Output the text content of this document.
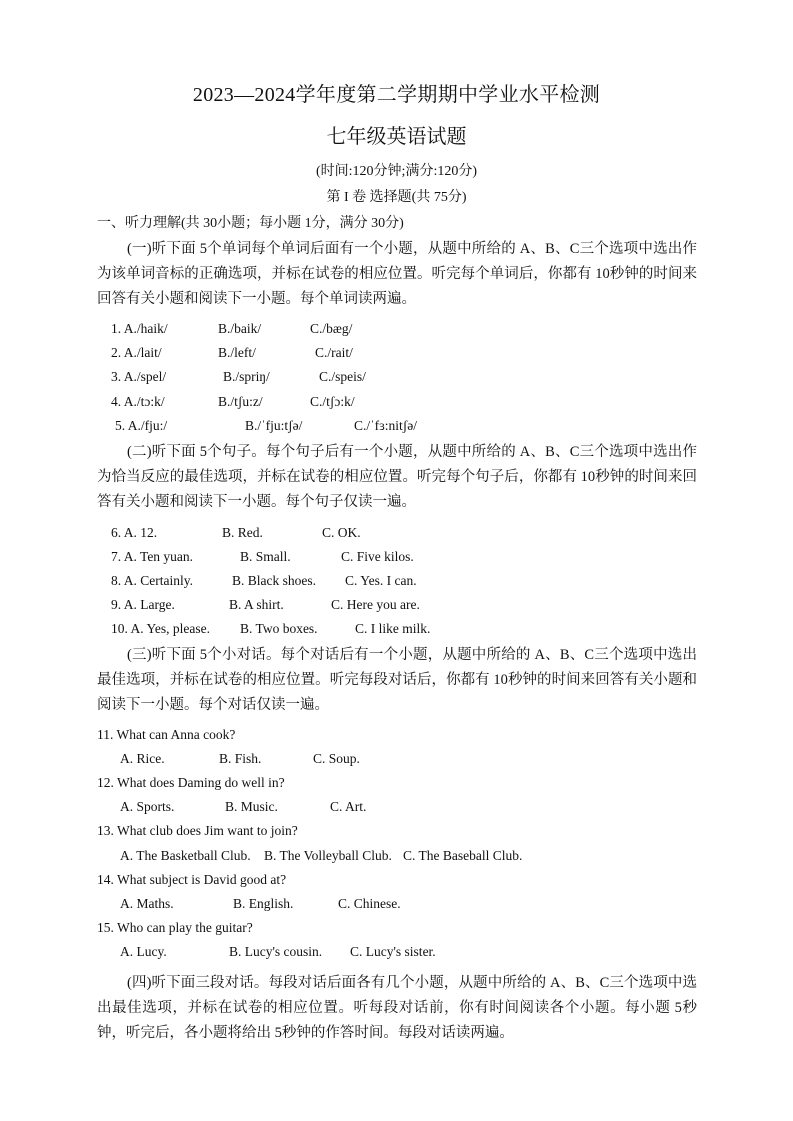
2023—2024学年度第二学期期中学业水平检测
七年级英语试题
(时间:120分钟;满分:120分)
第 I 卷 选择题(共 75分)
一、听力理解(共 30小题；每小题 1分，满分 30分)

(一)听下面 5个单词每个单词后面有一个小题，从题中所给的 A、B、C三个选项中选出作为该单词音标的正确选项，并标在试卷的相应位置。听完每个单词后，你都有 10秒钟的时间来回答有关小题和阅读下一小题。每个单词读两遍。

1. A./haik/	B./baik/	C./bæg/
2. A./lait/	B./left/	C./rait/
3. A./spel/	B./spriŋ/	C./speis/
4. A./tɔ:k/	B./tʃu:z/	C./tʃɔ:k/
5. A./fju:/	B./ˈfju:tʃə/	C./ˈfɜ:nitʃə/

(二)听下面 5个句子。每个句子后有一个小题，从题中所给的 A、B、C三个选项中选出作为恰当反应的最佳选项，并标在试卷的相应位置。听完每个句子后，你都有 10秒钟的时间来回答有关小题和阅读下一小题。每个句子仅读一遍。

6. A. 12.	B. Red.	C. OK.
7. A. Ten yuan.	B. Small.	C. Five kilos.
8. A. Certainly.	B. Black shoes. C. Yes. I can.
9. A. Large.	B. A shirt.	C. Here you are.
10. A. Yes, please. B. Two boxes.	C. I like milk.

(三)听下面 5个小对话。每个对话后有一个小题，从题中所给的 A、B、C三个选项中选出最佳选项，并标在试卷的相应位置。听完每段对话后，你都有 10秒钟的时间来回答有关小题和阅读下一小题。每个对话仅读一遍。

11. What can Anna cook?
A. Rice.	B. Fish.	C. Soup.
12. What does Daming do well in?
A. Sports.	B. Music.	C. Art.
13. What club does Jim want to join?
A. The Basketball Club. B. The Volleyball Club. C. The Baseball Club.
14. What subject is David good at?
A. Maths.	B. English.	C. Chinese.
15. Who can play the guitar?
A. Lucy.	B. Lucy's cousin. C. Lucy's sister.

(四)听下面三段对话。每段对话后面各有几个小题，从题中所给的 A、B、C三个选项中选出最佳选项，并标在试卷的相应位置。听每段对话前，你有时间阅读各个小题。每小题 5秒钟，听完后，各小题将给出 5秒钟的作答时间。每段对话读两遍。
